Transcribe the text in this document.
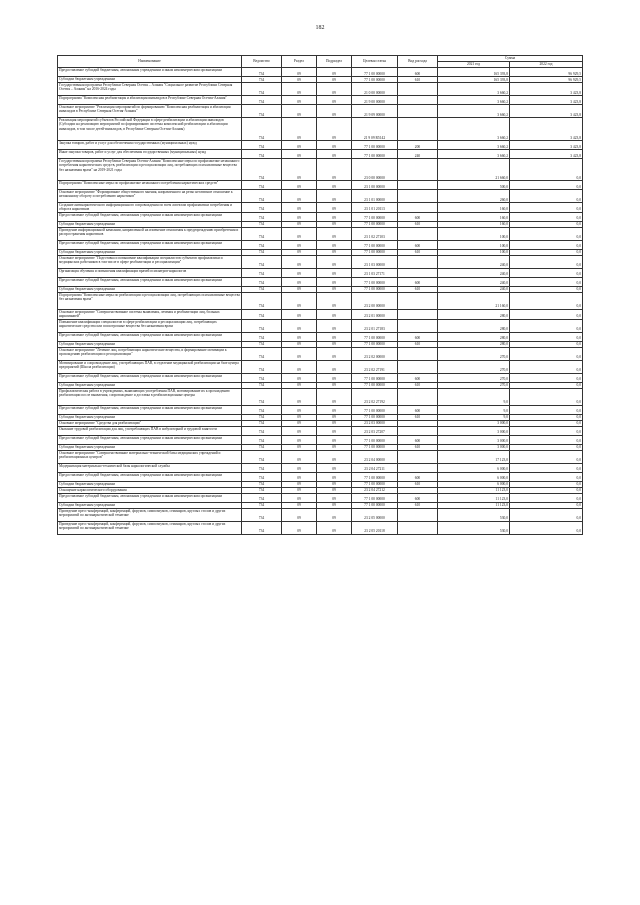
182
Наименование	Ведомство	Раздел	Подраздел	Целевая статья	Вид расхода	Сумма	
						2021 год	2022 год
Предоставление субсидий бюджетным, автономным учреждениям и иным некоммерческим организациям	734	09	09	77 1 00 00000	600	165 393,8	96 929,5
Субсидии бюджетным учреждениям	734	09	09	77 1 00 00000	610	165 393,8	96 929,5
Государственная программа Республики Северная Осетия – Алания "Социальное развитие Республики Северная Осетия – Алания" на 2016-2024 годы	734	09	09	21 0 00 00000		3 660,2	3 423,8
Подпрограмма "Комплексная реабилитация и абилитация инвалидов в Республике Северная Осетия-Алания"	734	09	09	21 9 00 00000		3 660,2	3 423,8
Основное мероприятие "Реализация мероприятий по формированию "Комплексная реабилитация и абилитация инвалидов в Республике Северная Осетия-Алания"	734	09	09	21 9 09 00000		3 660,2	3 423,8
Реализация мероприятий субъектов Российской Федерации в сфере реабилитации и абилитации инвалидов (Субсидии на реализацию мероприятий по формированию системы комплексной реабилитации и абилитации инвалидов, в том числе детей-инвалидов, в Республике Северная Осетия-Алания)	734	09	09	21 9 09 R5142		3 660,2	3 423,8
Закупка товаров, работ и услуг для обеспечения государственных (муниципальных) нужд	734	09	09	77 1 00 00000	200	3 660,2	3 423,8
Иные закупки товаров, работ и услуг для обеспечения государственных (муниципальных) нужд	734	09	09	77 1 00 00000	240	3 660,2	3 423,8
Государственная программа Республики Северная Осетия-Алания "Комплексные меры по профилактике незаконного потребления наркотических средств, реабилитации и ресоциализации лиц, потребляющих психоактивные вещества без назначения врача" на 2019-2021 годы	734	09	09	23 0 00 00000		21 660,0	0,0
Подпрограмма "Комплексные меры по профилактике незаконного потребления наркотических средств"	734	09	09	23 1 00 00000		500,0	0,0
Основное мероприятие "Формирование общественного мнения, направленного на резко негативное отношение к незаконному обороту и потреблению наркотиков"	734	09	09	23 1 01 00000		260,0	0,0
Создание антинаркотического информационного сопровождения по всем аспектам профилактики потребления и оборота наркотиков	734	09	09	23 1 01 20113		160,0	0,0
Предоставление субсидий бюджетным, автономным учреждениям и иным некоммерческим организациям	734	09	09	77 1 00 00000	600	160,0	0,0
Субсидии бюджетным учреждениям	734	09	09	77 1 00 00000	610	160,0	0,0
Проведение информационной кампании, направленной на изменение отношения к предупреждению приобретения и распространения наркотиков	734	09	09	23 1 02 27103		100,0	0,0
Предоставление субсидий бюджетным, автономным учреждениям и иным некоммерческим организациям	734	09	09	77 1 00 00000	600	100,0	0,0
Субсидии бюджетным учреждениям	734	09	09	77 1 00 00000	610	100,0	0,0
Основное мероприятие "Подготовка и повышение квалификации специалистов субъектов профилактики и медицинских работников в том числе в сфере реабилитации и ресоциализации"	734	09	09	23 1 03 00000		240,0	0,0
Организация обучения и повышения квалификации врачей психиатров-наркологов	734	09	09	23 1 03 27171		240,0	0,0
Предоставление субсидий бюджетным, автономным учреждениям и иным некоммерческим организациям	734	09	09	77 1 00 00000	600	240,0	0,0
Субсидии бюджетным учреждениям	734	09	09	77 1 00 00000	610	240,0	0,0
Подпрограмма "Комплексные меры по реабилитации и ресоциализации лиц, потребляющих психоактивные вещества без назначения врача"	734	09	09	23 2 00 00000		21 160,0	0,0
Основное мероприятие "Совершенствование системы выявления, лечения и реабилитации лиц, больных наркоманией"	734	09	09	23 2 01 00000		280,0	0,0
Повышение квалификации специалистов в сфере реабилитации и ресоциализации лиц, потребляющих наркотические средства или психотропные вещества без назначения врача	734	09	09	23 2 01 27183		280,0	0,0
Предоставление субсидий бюджетным, автономным учреждениям и иным некоммерческим организациям	734	09	09	77 1 00 00000	600	280,0	0,0
Субсидии бюджетным учреждениям	734	09	09	77 1 00 00000	610	280,0	0,0
Основное мероприятие "Лечение лиц, потребляющих наркотические вещества, и формирование мотивации к прохождению реабилитации и ресоциализации"	734	09	09	23 2 02 00000		270,0	0,0
Мотивирование и сопровождение лиц, употребляющих ПАВ, в отделение медицинской реабилитации на базе центра предприятий (Школа реабилитации)	734	09	09	23 2 02 27191		270,0	0,0
Предоставление субсидий бюджетным, автономным учреждениям и иным некоммерческим организациям	734	09	09	77 1 00 00000	600	270,0	0,0
Субсидии бюджетным учреждениям	734	09	09	77 1 00 00000	610	270,0	0,0
Профилактическая работа в учреждениях, выявляющих употребления ПАВ, мотивирование их к прохождению реабилитации после выявления, сопровождение и доставка в реабилитационные центры	734	09	09	23 2 02 27192		9,0	0,0
Предоставление субсидий бюджетным, автономным учреждениям и иным некоммерческим организациям	734	09	09	77 1 00 00000	600	9,0	0,0
Субсидии бюджетным учреждениям	734	09	09	77 1 00 00000	610	9,0	0,0
Основное мероприятие "Средства для реабилитации"	734	09	09	23 2 03 00000		3 000,0	0,0
Оказание трудовой реабилитации для лиц, употребляющих ПАВ в амбулаторной и трудовой занятости	734	09	09	23 2 03 27207		3 000,0	0,0
Предоставление субсидий бюджетным, автономным учреждениям и иным некоммерческим организациям	734	09	09	77 1 00 00000	600	3 000,0	0,0
Субсидии бюджетным учреждениям	734	09	09	77 1 00 00000	610	3 000,0	0,0
Основное мероприятие "Совершенствование материально-технической базы медицинских учреждений и реабилитационных центров"	734	09	09	23 2 04 00000		17 123,0	0,0
Модернизация материально-технической базы наркологической службы	734	09	09	23 2 04 27211		6 000,0	0,0
Предоставление субсидий бюджетным, автономным учреждениям и иным некоммерческим организациям	734	09	09	77 1 00 00000	600	6 000,0	0,0
Субсидии бюджетным учреждениям	734	09	09	77 1 00 00000	610	6 000,0	0,0
Оснащение наркологического оборудования	734	09	09	23 2 04 27212		11 123,0	0,0
Предоставление субсидий бюджетным, автономным учреждениям и иным некоммерческим организациям	734	09	09	77 1 00 00000	600	11 123,0	0,0
Субсидии бюджетным учреждениям	734	09	09	77 1 00 00000	610	11 123,0	0,0
Проведение пресс-конференций, конференций, форумов, симпозиумов, семинаров, круглых столов и других мероприятий по антинаркотической тематике	734	09	09	23 2 05 00000		530,0	0,0
Проведение пресс-конференций, конференций, форумов, симпозиумов, семинаров, круглых столов и других мероприятий по антинаркотической тематике	734	09	09	23 2 05 20118		530,0	0,0
